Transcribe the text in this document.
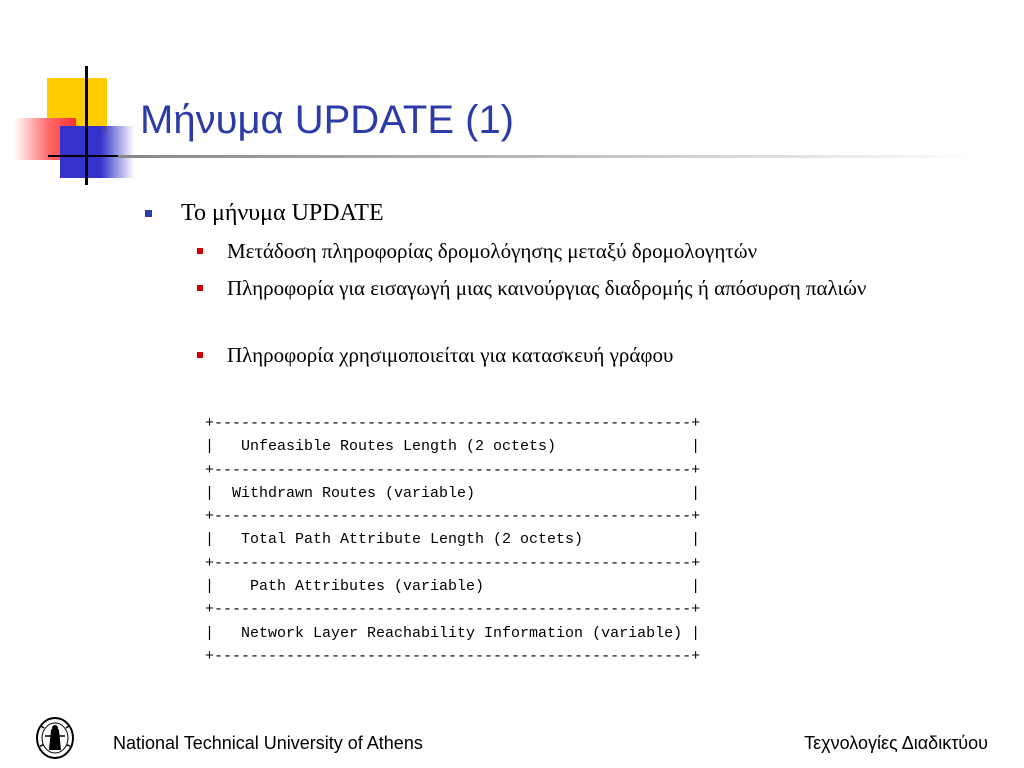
Μήνυμα UPDATE (1)
Το μήνυμα UPDATE
Μετάδοση πληροφορίας δρομολόγησης μεταξύ δρομολογητών
Πληροφορία για εισαγωγή μιας καινούργιας διαδρομής ή απόσυρση παλιών
Πληροφορία χρησιμοποιείται για κατασκευή γράφου
+-----------------------------------------------------+
|   Unfeasible Routes Length (2 octets)               |
+-----------------------------------------------------+
|  Withdrawn Routes (variable)                        |
+-----------------------------------------------------+
|   Total Path Attribute Length (2 octets)            |
+-----------------------------------------------------+
|    Path Attributes (variable)                       |
+-----------------------------------------------------+
|   Network Layer Reachability Information (variable) |
+-----------------------------------------------------+
National Technical University of Athens	Τεχνολογίες Διαδικτύου
